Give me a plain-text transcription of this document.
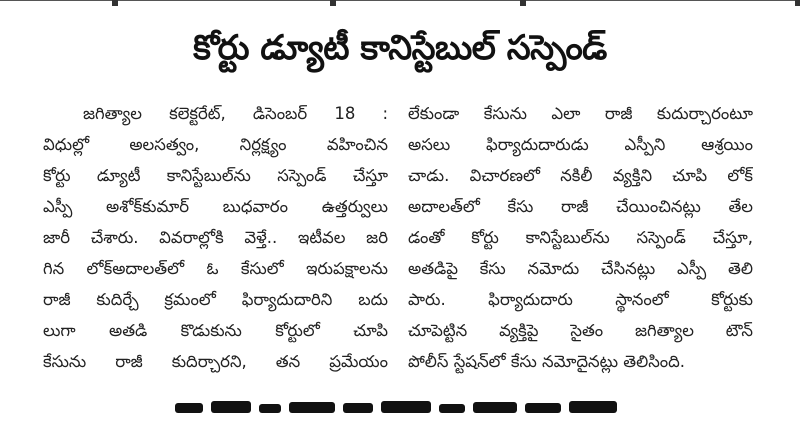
కోర్టు డ్యూటీ కానిస్టేబుల్ సస్పెండ్
జగిత్యాల కలెక్టరేట్, డిసెంబర్ 18 :
విధుల్లో అలసత్వం, నిర్లక్ష్యం వహించిన
కోర్టు డ్యూటీ కానిస్టేబుల్‌ను సస్పెండ్ చేస్తూ
ఎస్పీ అశోక్‌కుమార్ బుధవారం ఉత్తర్వులు
జారీ చేశారు. వివరాల్లోకి వెళ్తే.. ఇటీవల జరి
గిన లోక్‌అదాలత్‌లో ఓ కేసులో ఇరుపక్షాలను
రాజీ కుదిర్చే క్రమంలో ఫిర్యాదుదారిని బదు
లుగా అతడి కొడుకును కోర్టులో చూపి
కేసును రాజీ కుదిర్చారని, తన ప్రమేయం
లేకుండా కేసును ఎలా రాజీ కుదుర్చారంటూ
అసలు ఫిర్యాదుదారుడు ఎస్పీని ఆశ్రయిం
చాడు. విచారణలో నకిలీ వ్యక్తిని చూపి లోక్
అదాలత్‌లో కేసు రాజీ చేయించినట్లు తేల
డంతో కోర్టు కానిస్టేబుల్‌ను సస్పెండ్ చేస్తూ,
అతడిపై కేసు నమోదు చేసినట్లు ఎస్పీ తెలి
పారు. ఫిర్యాదుదారు స్థానంలో కోర్టుకు
చూపెట్టిన వ్యక్తిపై సైతం జగిత్యాల టౌన్
పోలీస్ స్టేషన్‌లో కేసు నమోదైనట్లు తెలిసింది.
